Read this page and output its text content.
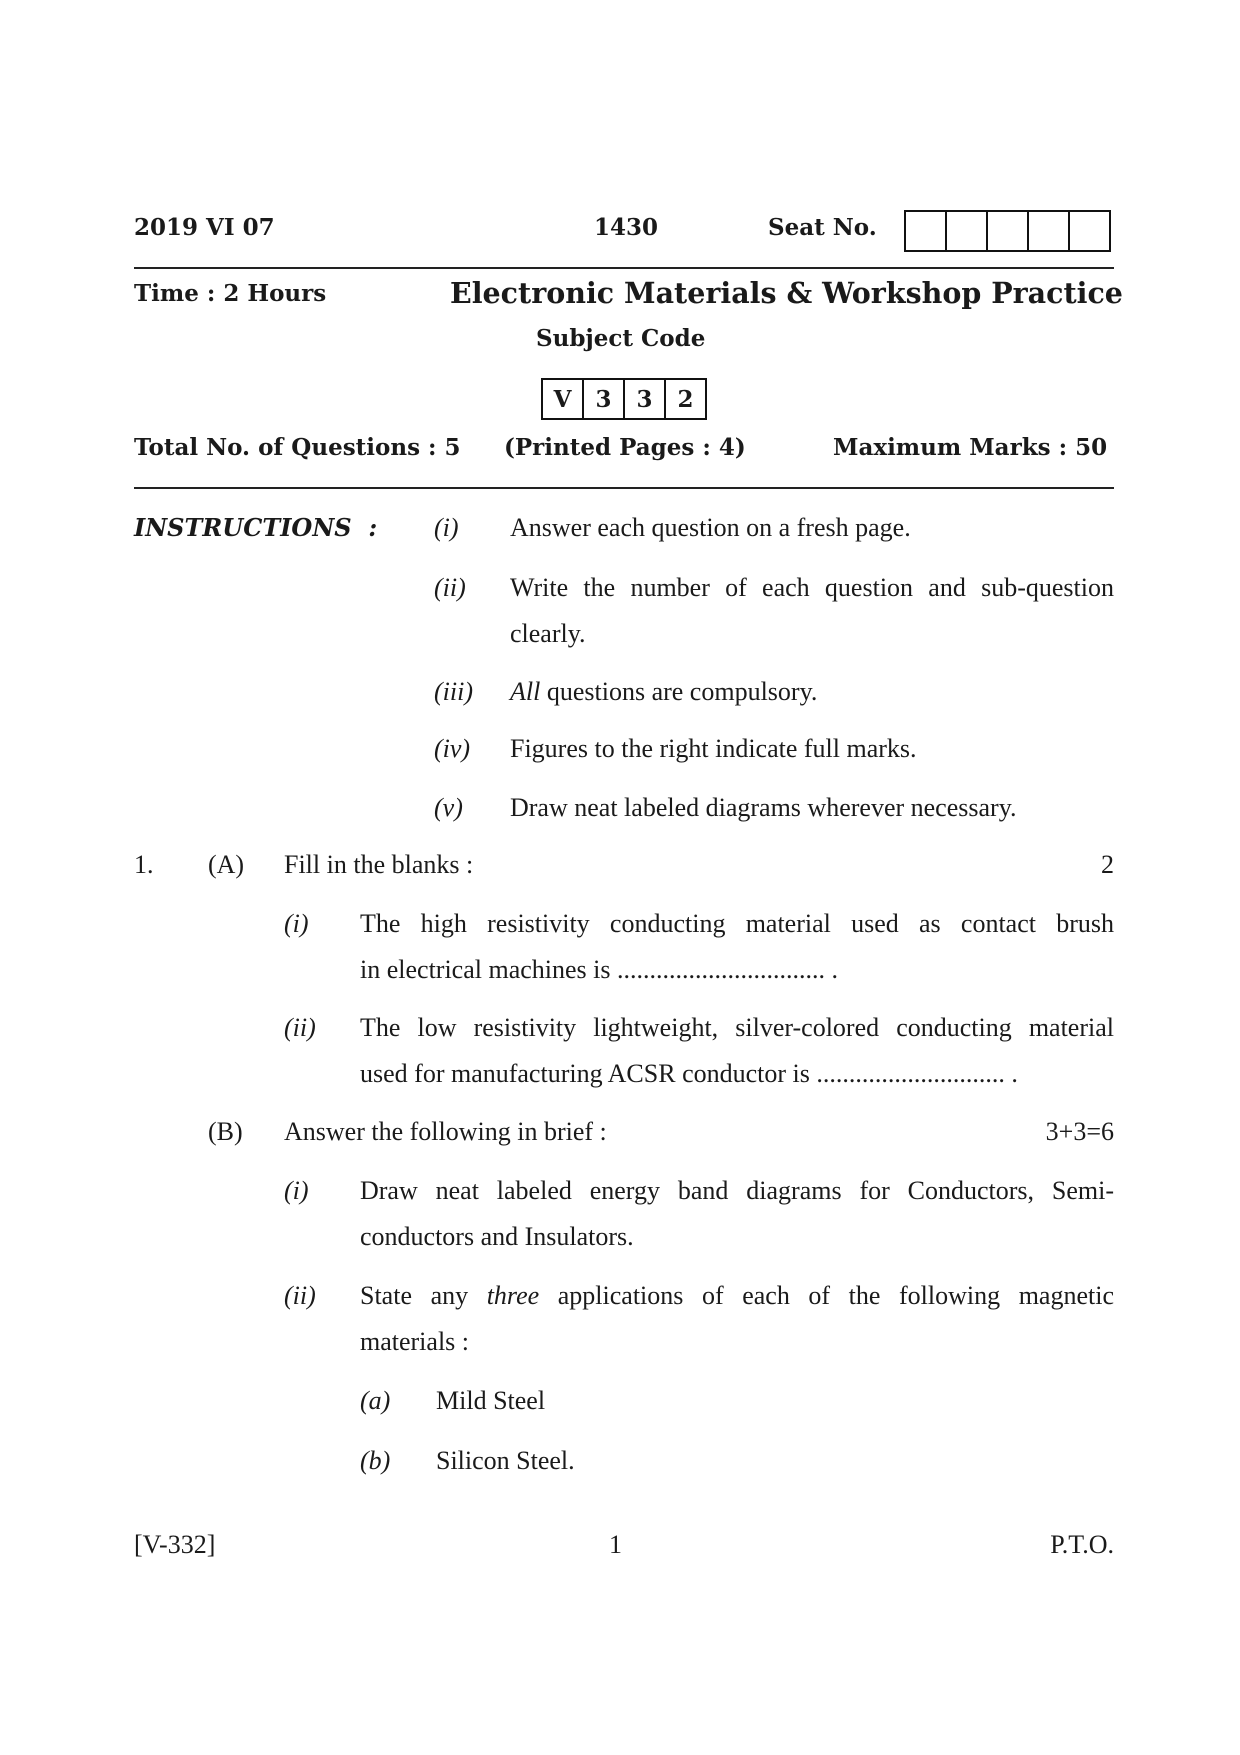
2019 VI 07	1430	Seat No.
Time : 2 Hours	Electronic Materials & Workshop Practice
Subject Code
V	3	3	2
Total No. of Questions : 5 (Printed Pages : 4)	Maximum Marks : 50
INSTRUCTIONS : (i) Answer each question on a fresh page.
(ii) Write the number of each question and sub-question
clearly.
(iii) All questions are compulsory.
(iv) Figures to the right indicate full marks.
(v) Draw neat labeled diagrams wherever necessary.
1. (A) Fill in the blanks :	2
(i) The high resistivity conducting material used as contact brush
in electrical machines is ................................ .
(ii) The low resistivity lightweight, silver-colored conducting material
used for manufacturing ACSR conductor is ............................. .
(B) Answer the following in brief :	3+3=6
(i) Draw neat labeled energy band diagrams for Conductors, Semi-
conductors and Insulators.
(ii) State any three applications of each of the following magnetic
materials :
(a) Mild Steel
(b) Silicon Steel.
[V-332]	1	P.T.O.
